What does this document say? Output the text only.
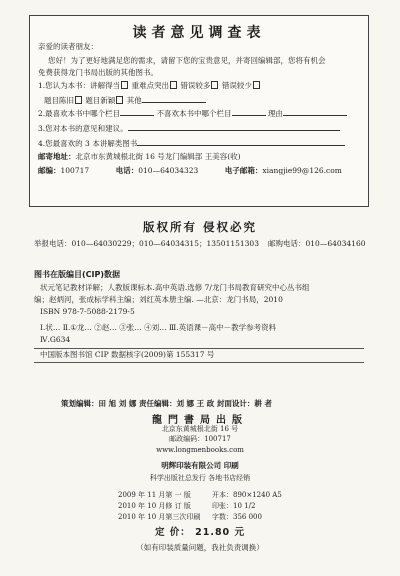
读者意见调查表
亲爱的读者朋友：
您好！为了更好地满足您的需求，请留下您的宝贵意见，并寄回编辑部，您将有机会
免费获得龙门书局出版的其他图书。
1.您认为本书：讲解得当 重难点突出 错误较多 错误较少
题目陈旧 题目新颖 其他
2.最喜欢本书中哪个栏目	不喜欢本书中哪个栏目	理由
3.您对本书的意见和建议。
4.您最喜欢的 3 本讲解类图书
邮寄地址：北京市东黄城根北街 16 号龙门编辑部 王美容(收)
邮编：100717	电话：010—64034323	电子邮箱：xiangjie99@126.com
版权所有 侵权必究
举报电话：010—64030229；010—64034315；13501151303 邮购电话：010—64034160
图书在版编目(CIP)数据
状元笔记教材详解；人教版课标本.高中英语.选修 7/龙门书局教育研究中心丛书组
编；赵炳河，张成标学科主编；刘红英本册主编. —北京：龙门书局，2010
ISBN 978-7-5088-2179-5
Ⅰ.状… Ⅱ.①龙… ②赵… ③张… ④刘… Ⅲ.英语课－高中－教学参考资料
Ⅳ.G634
中国版本图书馆 CIP 数据核字(2009)第 155317 号
策划编辑：田 旭 刘 娜 责任编辑：刘 娜 王 政 封面设计：耕 者
龍門書局出版
北京东黄城根北街 16 号
邮政编码：100717
www.longmenbooks.com
明辉印装有限公司 印刷
科学出版社总发行 各地书店经销
2009 年 11 月第 一 版	开本：890×1240 A5
2010 年 10 月修 订 版	印张：10 1/2
2010 年 10 月第三次印刷 字数：356 000
定 价： 21.80 元
（如有印装质量问题，我社负责调换）
